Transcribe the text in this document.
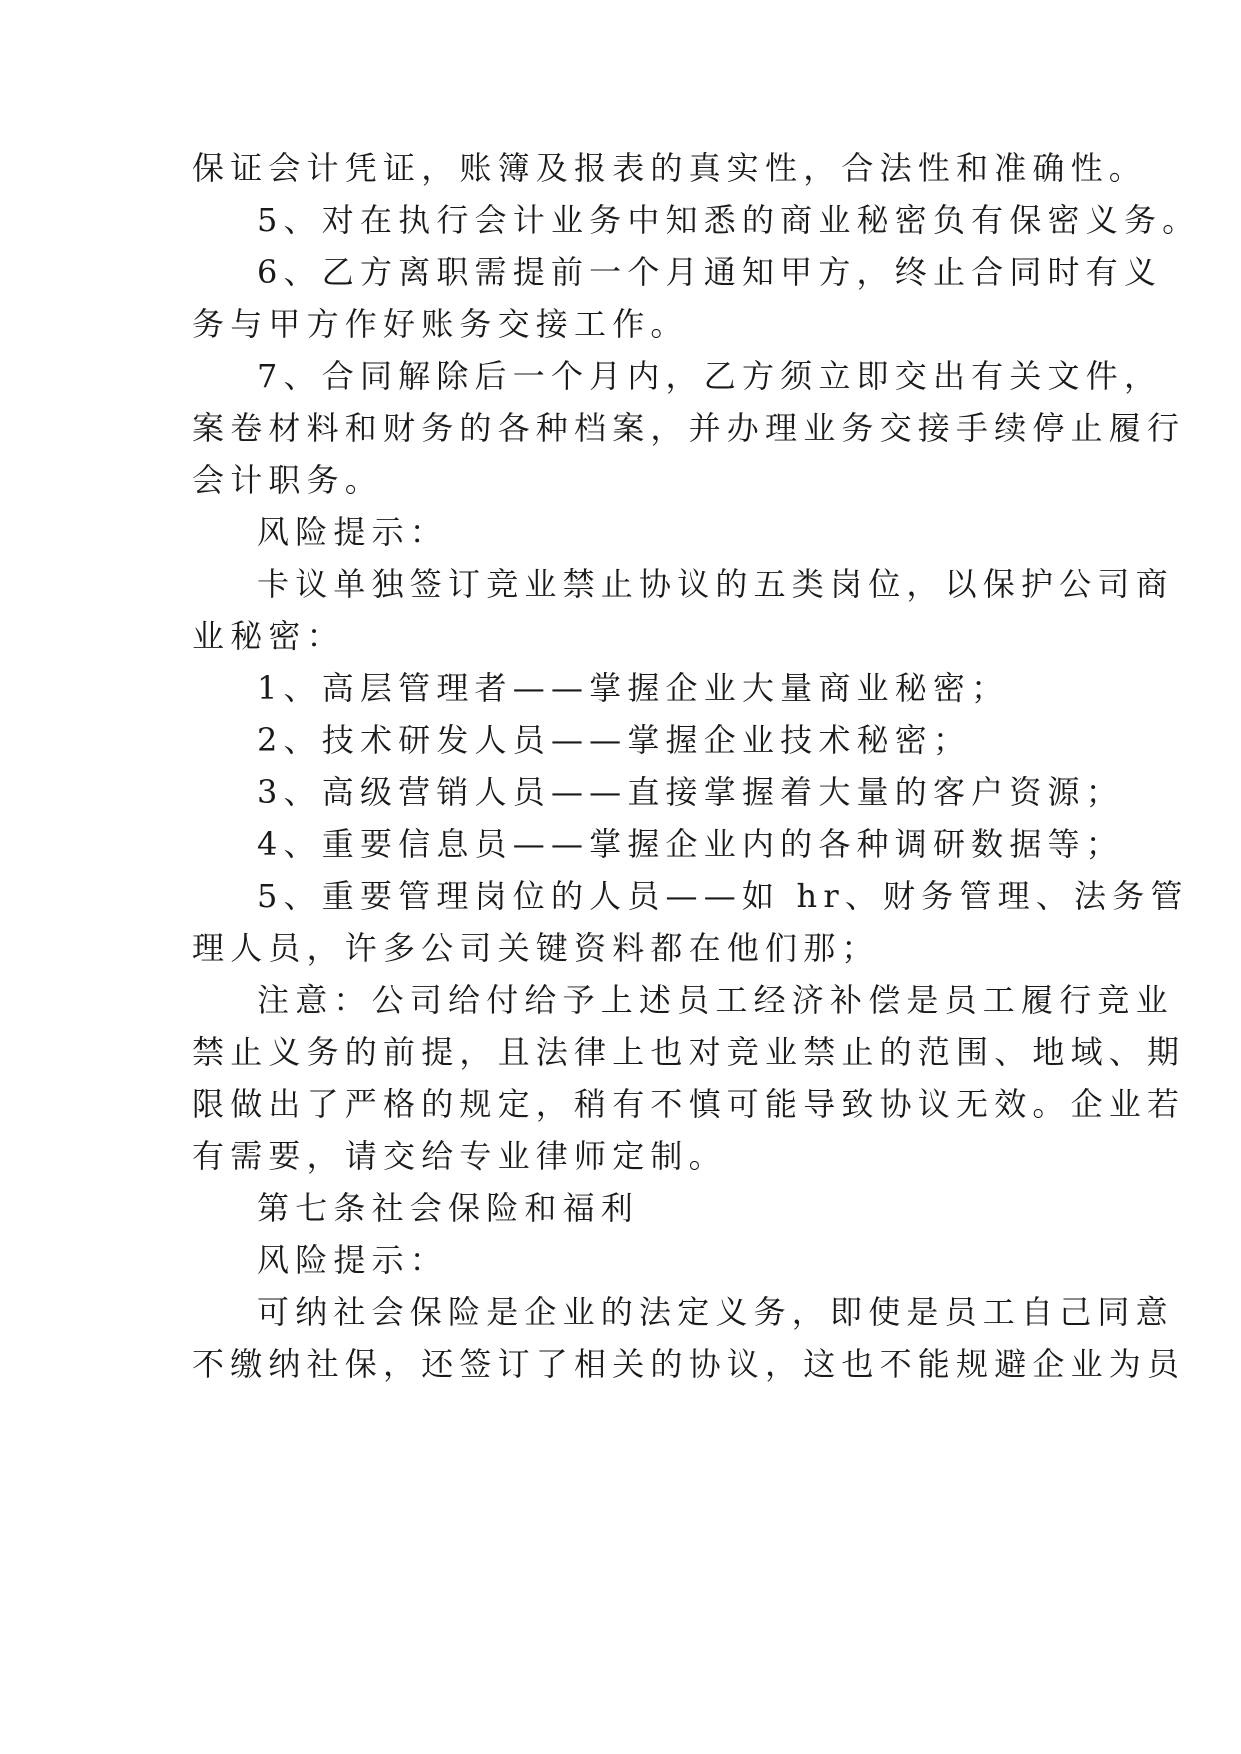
保证会计凭证，账簿及报表的真实性，合法性和准确性。
5、对在执行会计业务中知悉的商业秘密负有保密义务。
6、乙方离职需提前一个月通知甲方，终止合同时有义
务与甲方作好账务交接工作。
7、合同解除后一个月内，乙方须立即交出有关文件，
案卷材料和财务的各种档案，并办理业务交接手续停止履行
会计职务。
风险提示：
卡议单独签订竞业禁止协议的五类岗位，以保护公司商
业秘密：
1、高层管理者——掌握企业大量商业秘密；
2、技术研发人员——掌握企业技术秘密；
3、高级营销人员——直接掌握着大量的客户资源；
4、重要信息员——掌握企业内的各种调研数据等；
5、重要管理岗位的人员——如 hr、财务管理、法务管
理人员，许多公司关键资料都在他们那；
注意：公司给付给予上述员工经济补偿是员工履行竞业
禁止义务的前提，且法律上也对竞业禁止的范围、地域、期
限做出了严格的规定，稍有不慎可能导致协议无效。企业若
有需要，请交给专业律师定制。
第七条社会保险和福利
风险提示：
可纳社会保险是企业的法定义务，即使是员工自己同意
不缴纳社保，还签订了相关的协议，这也不能规避企业为员
